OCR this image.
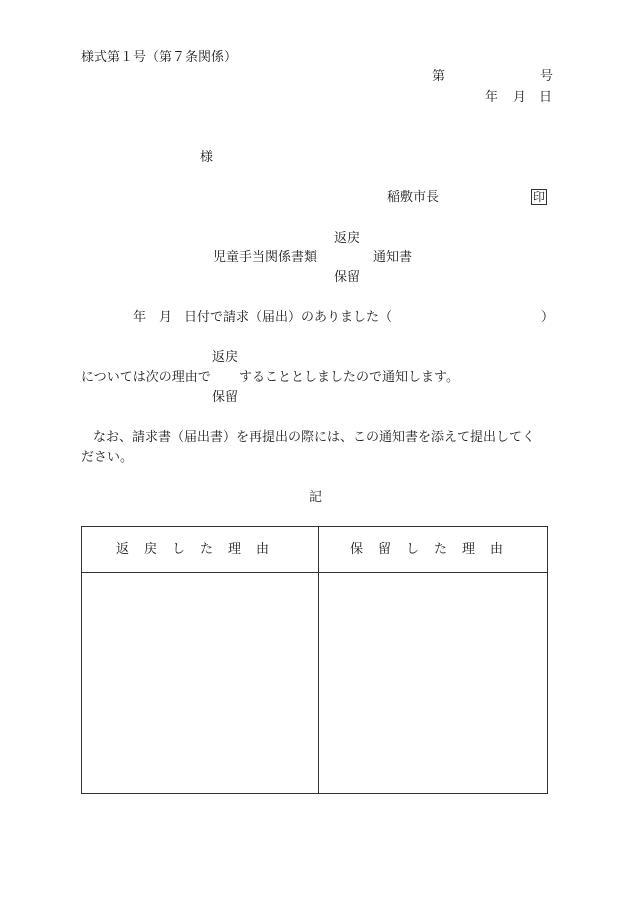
様式第１号（第７条関係）
第	号
年 月 日
様
稲敷市長	印
返戻
児童手当関係書類	通知書
保留
年 月 日付で請求（届出）のありました（	）
返戻
については次の理由で することとしましたので通知します。
保留
なお、請求書（届出書）を再提出の際には、この通知書を添えて提出してく
ださい。
記
返戻した理由	保留した理由
